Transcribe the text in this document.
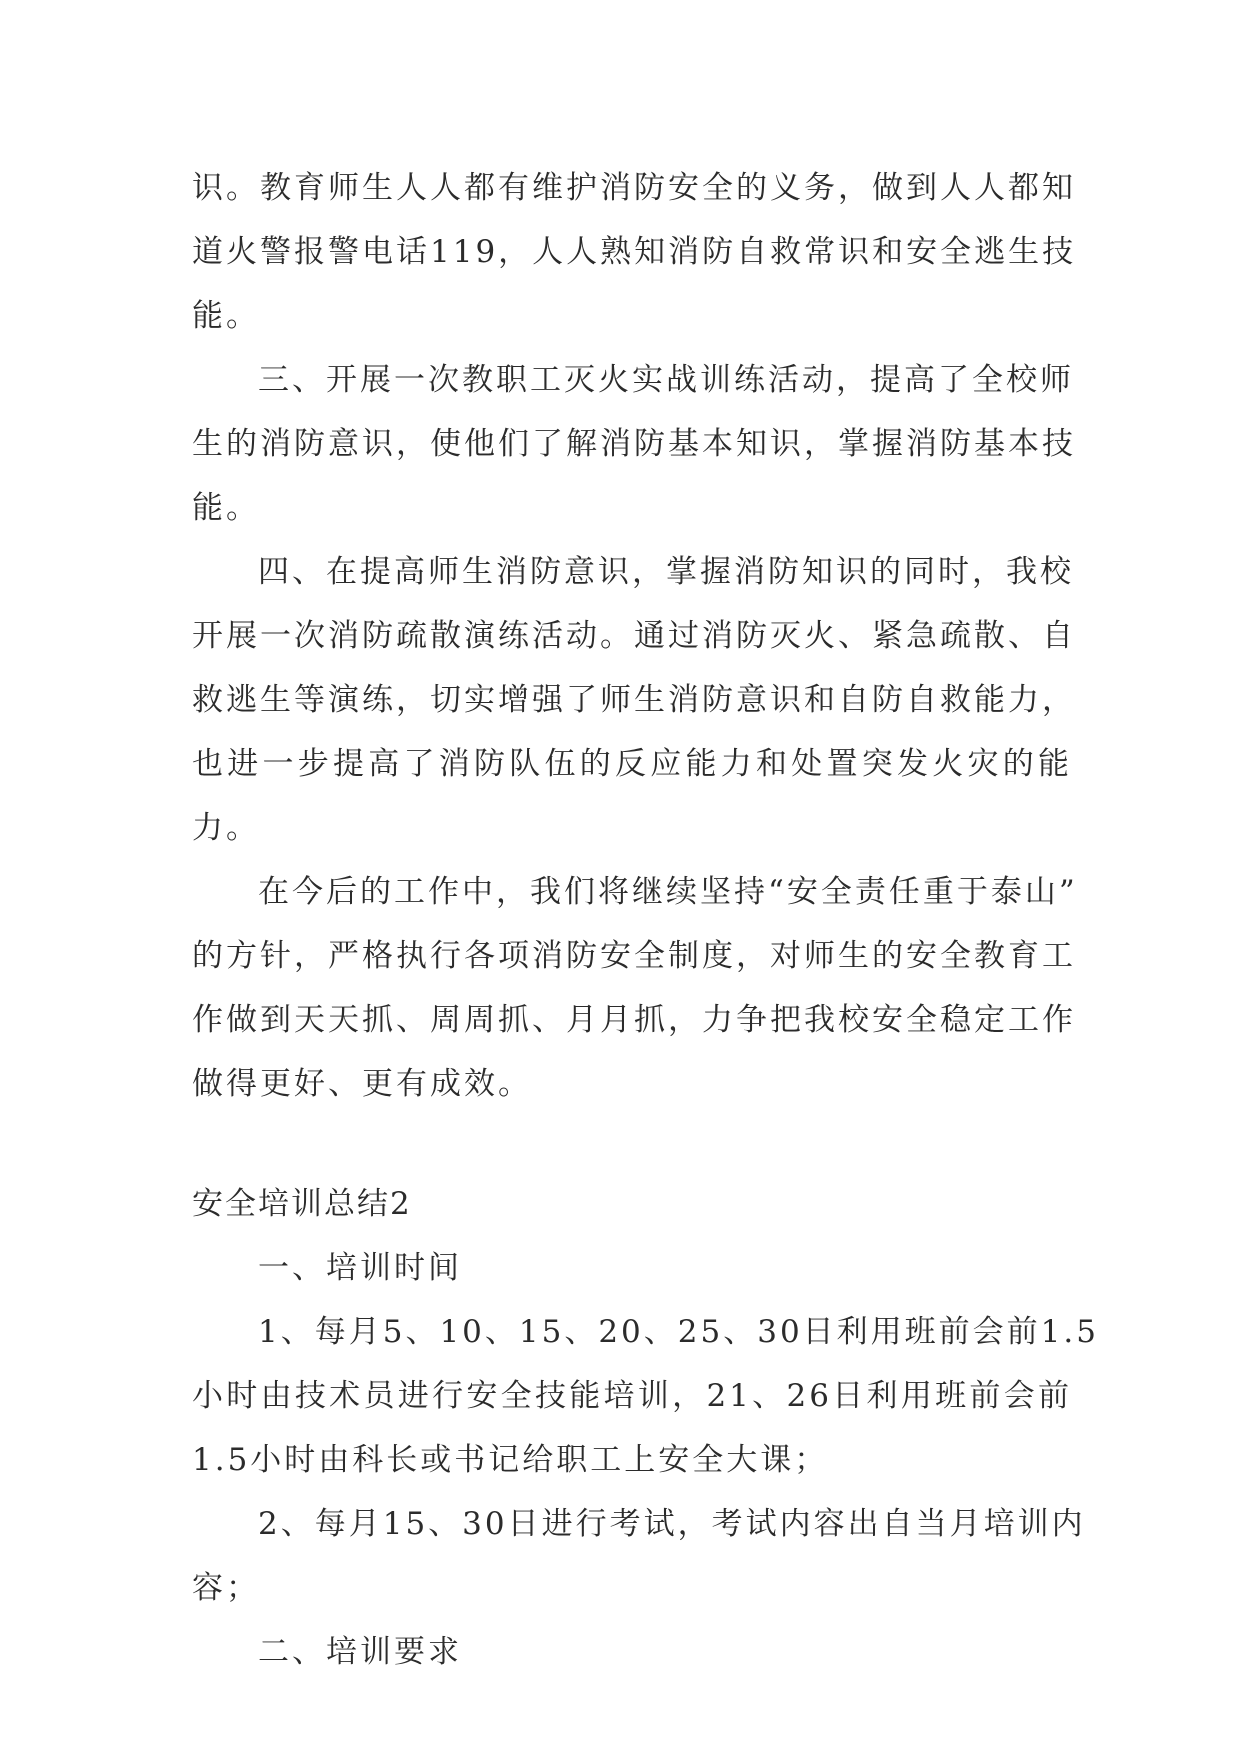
识。教育师生人人都有维护消防安全的义务，做到人人都知
道火警报警电话119，人人熟知消防自救常识和安全逃生技
能。
三、开展一次教职工灭火实战训练活动，提高了全校师
生的消防意识，使他们了解消防基本知识，掌握消防基本技
能。
四、在提高师生消防意识，掌握消防知识的同时，我校
开展一次消防疏散演练活动。通过消防灭火、紧急疏散、自
救逃生等演练，切实增强了师生消防意识和自防自救能力，
也进一步提高了消防队伍的反应能力和处置突发火灾的能
力。
在今后的工作中，我们将继续坚持“安全责任重于泰山”
的方针，严格执行各项消防安全制度，对师生的安全教育工
作做到天天抓、周周抓、月月抓，力争把我校安全稳定工作
做得更好、更有成效。
安全培训总结2
一、培训时间
1、每月5、10、15、20、25、30日利用班前会前1.5
小时由技术员进行安全技能培训，21、26日利用班前会前
1.5小时由科长或书记给职工上安全大课；
2、每月15、30日进行考试，考试内容出自当月培训内
容；
二、培训要求
